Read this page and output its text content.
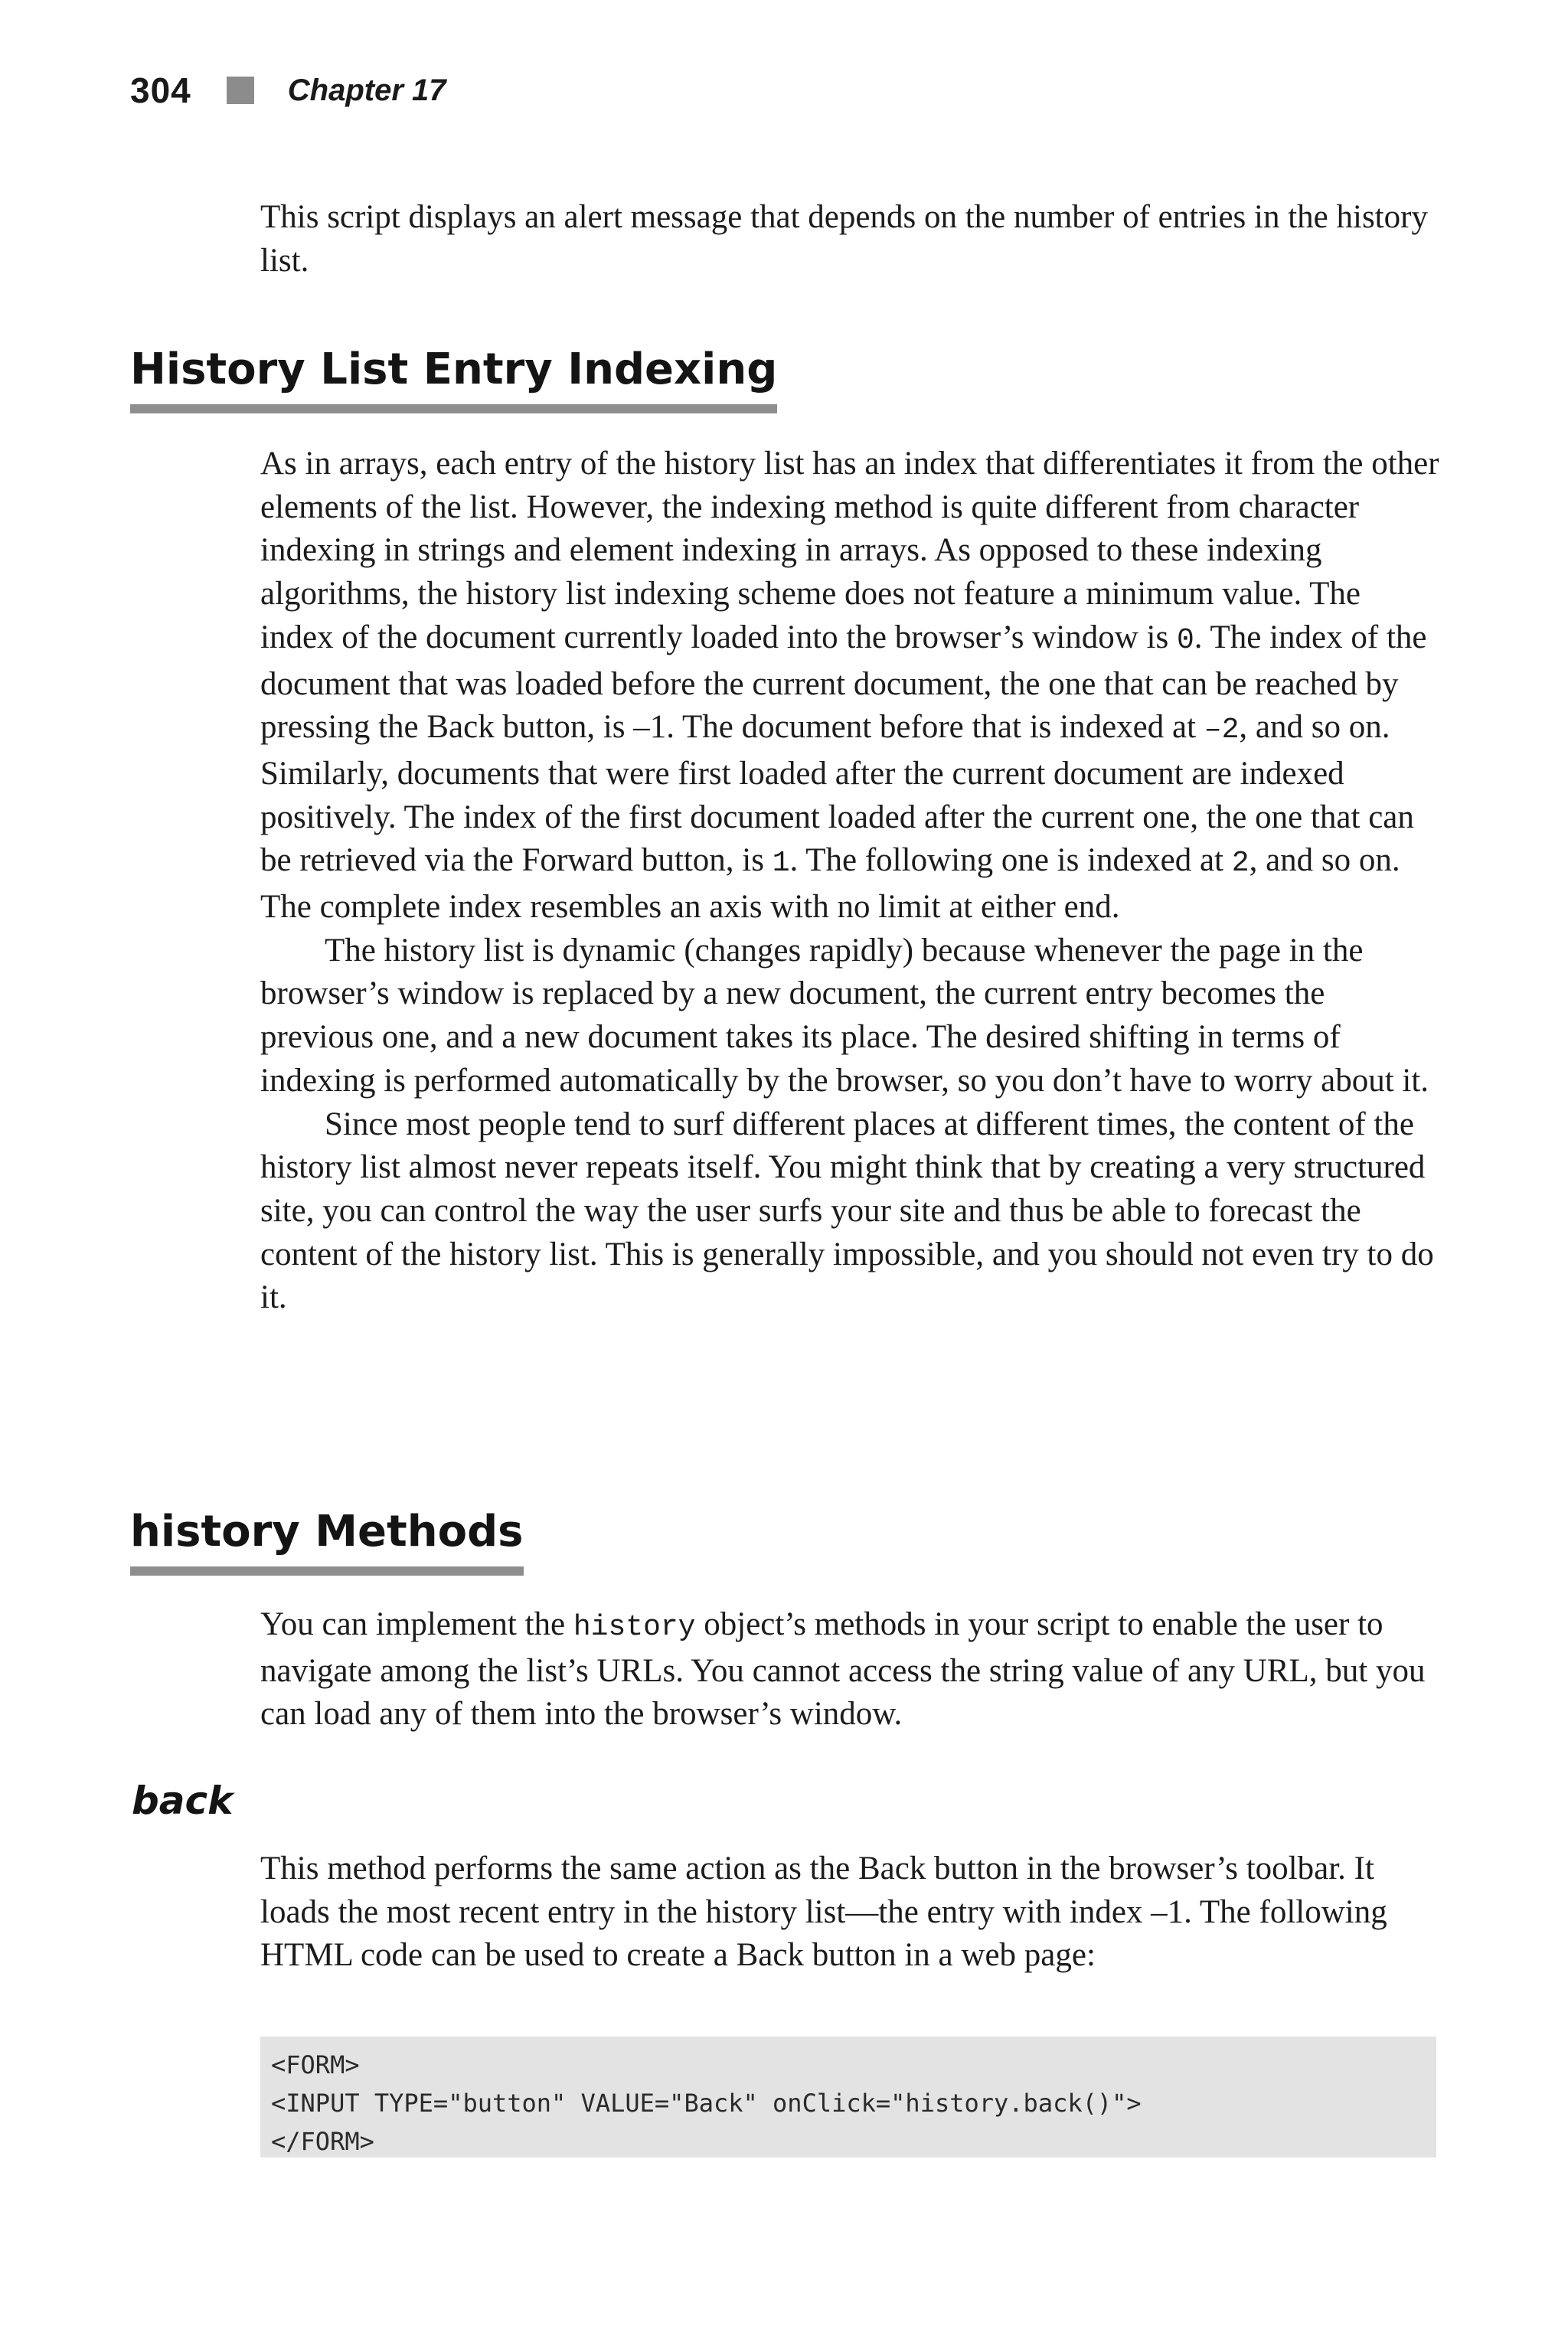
304	Chapter 17

This script displays an alert message that depends on the number of entries in the history list.

History List Entry Indexing

As in arrays, each entry of the history list has an index that differentiates it from the other elements of the list. However, the indexing method is quite different from character indexing in strings and element indexing in arrays. As opposed to these indexing algorithms, the history list indexing scheme does not feature a minimum value. The index of the document currently loaded into the browser’s window is 0. The index of the document that was loaded before the current document, the one that can be reached by pressing the Back button, is –1. The document before that is indexed at –2, and so on. Similarly, documents that were first loaded after the current document are indexed positively. The index of the first document loaded after the current one, the one that can be retrieved via the Forward button, is 1. The following one is indexed at 2, and so on. The complete index resembles an axis with no limit at either end.

The history list is dynamic (changes rapidly) because whenever the page in the browser’s window is replaced by a new document, the current entry becomes the previous one, and a new document takes its place. The desired shifting in terms of indexing is performed automatically by the browser, so you don’t have to worry about it.

Since most people tend to surf different places at different times, the content of the history list almost never repeats itself. You might think that by creating a very structured site, you can control the way the user surfs your site and thus be able to forecast the content of the history list. This is generally impossible, and you should not even try to do it.

history Methods

You can implement the history object’s methods in your script to enable the user to navigate among the list’s URLs. You cannot access the string value of any URL, but you can load any of them into the browser’s window.

back

This method performs the same action as the Back button in the browser’s toolbar. It loads the most recent entry in the history list—the entry with index –1. The following HTML code can be used to create a Back button in a web page:

<FORM>
<INPUT TYPE="button" VALUE="Back" onClick="history.back()">
</FORM>
